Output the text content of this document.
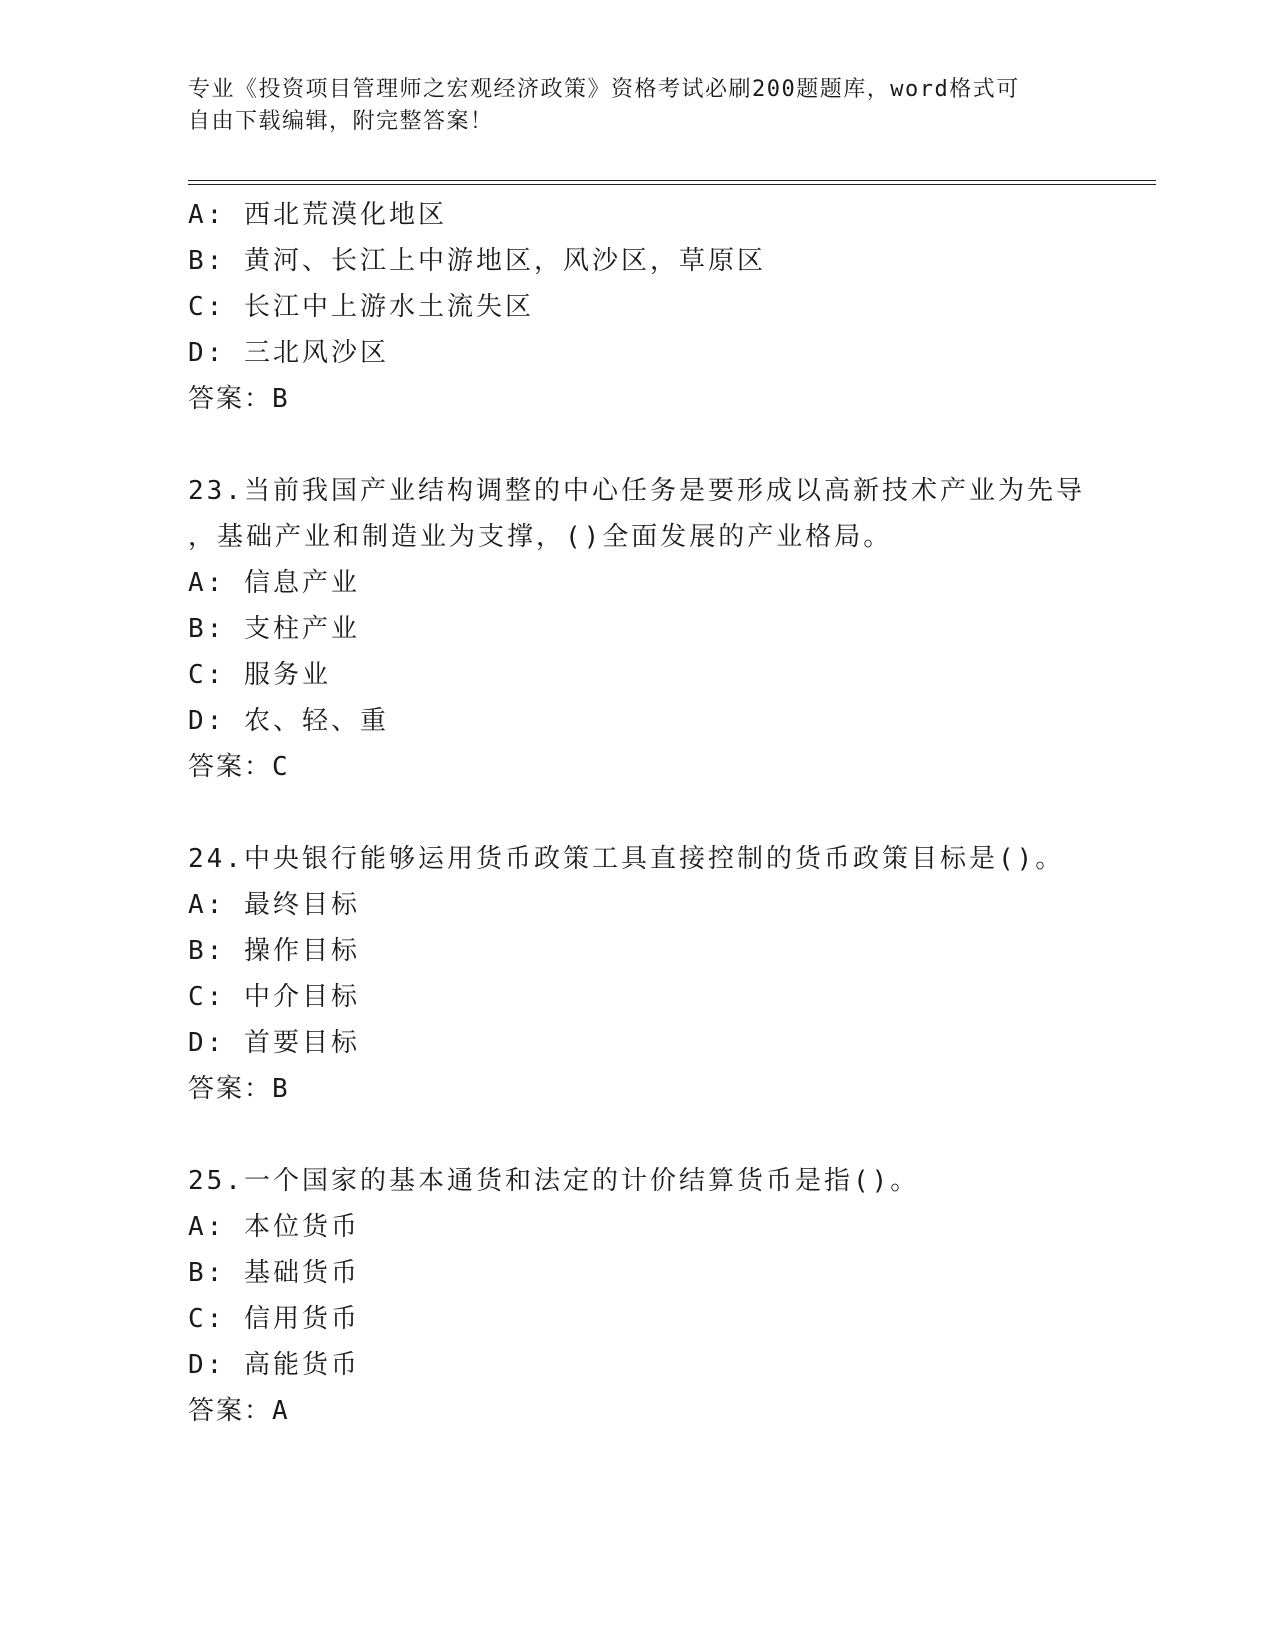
专业《投资项目管理师之宏观经济政策》资格考试必刷200题题库，word格式可
自由下载编辑，附完整答案！
A: 西北荒漠化地区
B: 黄河、长江上中游地区，风沙区，草原区
C: 长江中上游水土流失区
D: 三北风沙区
答案：B
23.当前我国产业结构调整的中心任务是要形成以高新技术产业为先导
，基础产业和制造业为支撑，()全面发展的产业格局。
A: 信息产业
B: 支柱产业
C: 服务业
D: 农、轻、重
答案：C
24.中央银行能够运用货币政策工具直接控制的货币政策目标是()。
A: 最终目标
B: 操作目标
C: 中介目标
D: 首要目标
答案：B
25.一个国家的基本通货和法定的计价结算货币是指()。
A: 本位货币
B: 基础货币
C: 信用货币
D: 高能货币
答案：A
